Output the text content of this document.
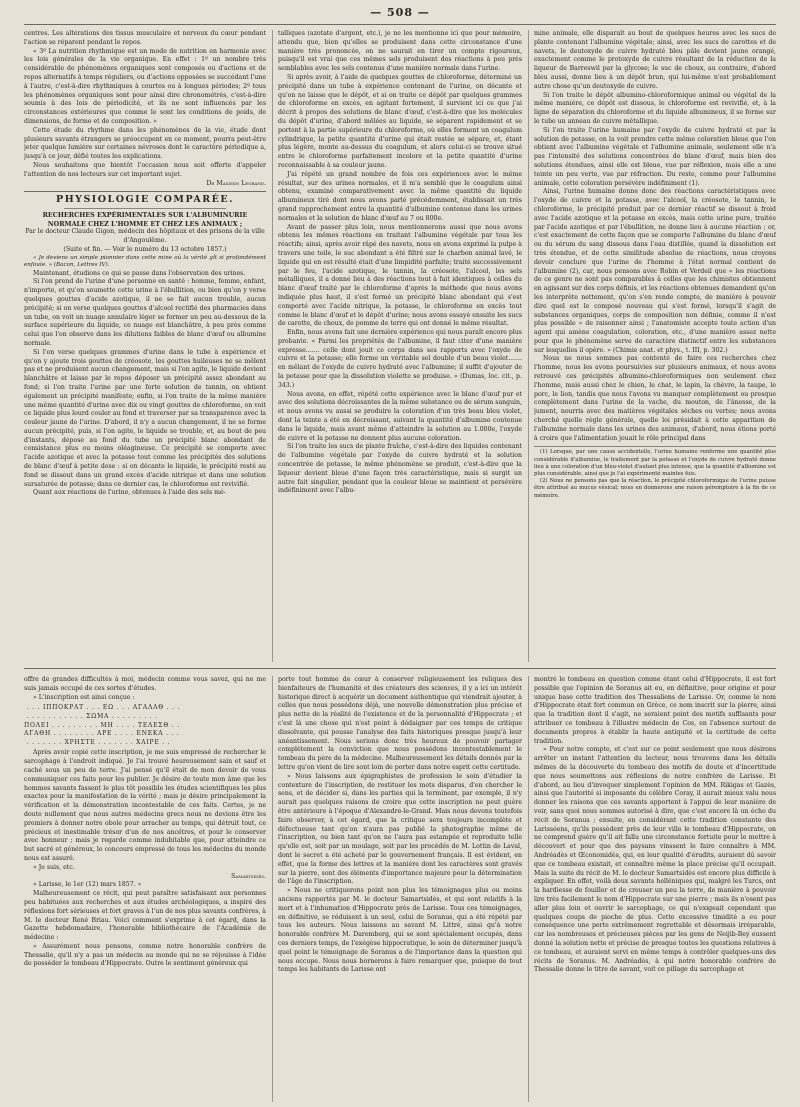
— 508 —

centres. Les altérations des tissus musculaire et nerveux du cœur pendant l'action se réparent pendant le repos.

« 3º La nutrition rhythmique est un mode de nutrition en harmonie avec les lois générales de la vie organique. En effet : 1º un nombre très considérable de phénomènes organiques sont composés ou d'actions et de repos alternatifs à temps réguliers, ou d'actions opposées se succédant l'une à l'autre, c'est-à-dire rhythmiques à courtes ou à longues périodes; 2º tous les phénomènes organiques sont pour ainsi dire chronométrés, c'est-à-dire soumis à des lois de périodicité, et ils ne sont influencés par les circonstances extérieures que comme le sont les conditions de poids, de dimensions, de forme et de composition. »

Cette étude du rhythme dans les phénomènes de la vie, étude dont plusieurs savants étrangers se préoccupent en ce moment, pourra peut-être jeter quelque lumière sur certaines névroses dont le caractère périodique a, jusqu'à ce jour, défié toutes les explications.

Nous souhaitons que bientôt l'occasion nous soit offerte d'appeler l'attention de nos lecteurs sur cet important sujet.

Dr Maximin Legrand.

PHYSIOLOGIE COMPARÉE.
RECHERCHES EXPÉRIMENTALES SUR L'ALBUMINURIE NORMALE CHEZ L'HOMME ET CHEZ LES ANIMAUX ;

Par le docteur Claude Gigon, médecin des hôpitaux et des prisons de la ville d'Angoulême.

(Suite et fin. — Voir le numéro du 13 octobre 1857.)

« Je deviens un simple pionnier dans cette mine où la vérité gît si profondément enfouie. » (Bacon, Lettres IV).

Maintenant, étudions ce qui se passe dans l'observation des urines.

Si l'on prend de l'urine d'une personne en santé : homme, femme, enfant, n'importe, et qu'on soumette cette urine à l'ébullition, ou bien qu'on y verse quelques gouttes d'acide azotique, il ne se fait aucun trouble, aucun précipité; si on verse quelques gouttes d'alcool rectifié des pharmacies dans un tube, on voit un nuage annulaire léger se former un peu au-dessous de la surface supérieure du liquide, ce nuage est blanchâtre, à peu près comme celui que l'on observe dans les dilutions faibles de blanc d'œuf ou albumine normale.

Si l'on verse quelques grammes d'urine dans le tube à expérience et qu'on y ajoute trois gouttes de créosote, les gouttes huileuses ne se mêlent pas et ne produisent aucun changement, mais si l'on agite, le liquide devient blanchâtre et laisse par le repos déposer un précipité assez abondant au fond; si l'on traite l'urine par une forte solution de tannin, on obtient également un précipité manifeste; enfin, si l'on traite de la même manière une même quantité d'urine avec dix ou vingt gouttes de chloroforme, on voit ce liquide plus lourd couler au fond et traverser par sa transparence avec la couleur jaune de l'urine. D'abord, il n'y a aucun changement, il ne se forme aucun précipité, puis, si l'on agite, le liquide se trouble, et, au bout de peu d'instants, dépose au fond du tube un précipité blanc abondant de consistance plus ou moins oléagineuse. Ce précipité se comporte avec l'acide azotique et avec la potasse tout comme les précipités des solutions de blanc d'œuf à petite dose : si on décante le liquide, le précipité resté au fond se dissout dans un grand excès d'acide nitrique et dans une solution sursaturée de potasse; dans ce dernier cas, le chloroforme est revivifié.

Quant aux réactions de l'urine, obtenues à l'aide des sels mé-

talliques (azotate d'argent, etc.), je ne les mentionne ici que pour mémoire, attendu que, bien qu'elles se produisent dans cette circonstance d'une manière très prononcée, on ne saurait en tirer un compte rigoureux, puisqu'il est vrai que ces mêmes sels produisent des réactions à peu près semblables avec les sels contenus d'une manière normale dans l'urine.

Si après avoir, à l'aide de quelques gouttes de chloroforme, déterminé un précipité dans un tube à expérience contenant de l'urine, on décante et qu'on ne laisse que le dépôt, et si on traite ce dépôt par quelques grammes de chloroforme en excès, en agitant fortement, il survient ici ce que j'ai décrit à propos des solutions de blanc d'œuf, c'est-à-dire que les molécules du dépôt d'urine, d'abord mêlées au liquide, se séparent rapidement et se portent à la partie supérieure du chloroforme, où elles forment un coagulum cylindrique, la petite quantité d'urine qui était restée se sépare, et, étant plus légère, monte au-dessus du coagulum, et alors celui-ci se trouve situé entre le chloroforme parfaitement incolore et la petite quantité d'urine reconnaissable à sa couleur jaune.

J'ai répété un grand nombre de fois ces expériences avec le même résultat, sur des urines normales, et il m'a semblé que le coagulum ainsi obtenu, examiné comparativement avec la même quantité du liquide albumineux tiré dont nous avons parlé précédemment, établissait un très grand rapprochement entre la quantité d'albumine contenue dans les urines normales et la solution de blanc d'œuf au 7 ou 800e.

Avant de passer plus loin, nous mentionnerons aussi que nous avons obtenu les mêmes réactions en traitant l'albumine végétale par tous les réactifs; ainsi, après avoir râpé des navets, nous en avons exprimé la pulpe à travers une toile, le suc abondant a été filtré sur le charbon animal lavé, le liquide qui en est résulté était d'une limpidité parfaite; traité successivement par le feu, l'acide azotique, le tannin, la créosote, l'alcool, les sels métalliques, il a donné lieu à des réactions tout à fait identiques à celles du blanc d'œuf traité par le chloroforme d'après la méthode que nous avons indiquée plus haut, il s'est formé un précipité blanc abondant qui s'est comporté avec l'acide nitrique, la potasse, le chloroforme en excès tout comme le blanc d'œuf et le dépôt d'urine; nous avons essayé ensuite les sucs de carotte, de choux, de pomme de terre qui ont donné le même résultat.

Enfin, nous avons fait une dernière expérience qui nous paraît encore plus probante. « Parmi les propriétés de l'albumine, il faut citer d'une manière expresse....... celle dont jouit ce corps dans ses rapports avec l'oxyde de cuivre et la potasse; elle forme un véritable sel double d'un beau violet....... en mêlant de l'oxyde de cuivre hydraté avec l'albumine; il suffit d'ajouter de la potasse pour que la dissolution violette se produise. » (Dumas, loc. cit., p. 343.)

Nous avons, en effet, répété cette expérience avec le blanc d'œuf pur et avec des solutions décroissantes de la même substance ou de sérum sanguin, et nous avons vu aussi se produire la coloration d'un très beau bleu violet, dont la teinte a été en décroissant, suivant la quantité d'albumine contenue dans le liquide, mais avant même d'atteindre la solution au 1.000e, l'oxyde de cuivre et la potasse ne donnent plus aucune coloration.

Si l'on traite les sucs de plante fraîche, c'est-à-dire des liquides contenant de l'albumine végétale par l'oxyde de cuivre hydraté et la solution concentrée de potasse, le même phénomène se produit, c'est-à-dire que la liqueur devient bleue d'une façon très caractéristique, mais si surgit un autre fait singulier, pendant que la couleur bleue se maintient et persévère indéfiniment avec l'albu-

mine animale, elle disparaît au bout de quelques heures avec les sucs de plante contenant l'albumine végétale; ainsi, avec les sucs de carottes et de navets, le deutoxyde de cuivre hydraté bleu pâle devient jaune orangé, exactement comme le protoxyde de cuivre résultant de la réduction de la liqueur de Barreswil par la glycose; le suc de choux, au contraire, d'abord bleu aussi, donne lieu à un dépôt brun, qui lui-même n'est probablement autre chose qu'un deutoxyde de cuivre.

Si l'on traite le dépôt albumino-chloroformique animal ou végétal de la même manière, ce dépôt est dissous, le chloroforme est revivifié, et, à la ligne de séparation du chloroforme et du liquide albumineux, il se forme sur le tube un anneau de cuivre métallique.

Si l'on traite l'urine humaine par l'oxyde de cuivre hydraté et par la solution de potasse, on la voit prendre cette même coloration bleue que l'on obtient avec l'albumine végétale et l'albumine animale, seulement elle n'a pas l'intensité des solutions concentrées de blanc d'œuf, mais bien des solutions étendues, ainsi elle est bleue, vue par réflexion, mais elle a une teinte un peu verte, vue par réfraction. Du reste, comme pour l'albumine animale, cette coloration persévère indéfiniment (1).

Ainsi, l'urine humaine donne donc des réactions caractéristiques avec l'oxyde de cuivre et la potasse, avec l'alcool, la créosote, le tannin, le chloroforme, le précipité produit par ce dernier réactif se dissout à froid avec l'acide azotique et la potasse en excès, mais cette urine pure, traitée par l'acide azotique et par l'ébullition, ne donne lieu à aucune réaction ; or, c'est exactement de cette façon que se comporte l'albumine du blanc d'œuf ou du sérum du sang dissous dans l'eau distillée, quand la dissolution est très étendue, et de cette similitude absolue de réactions, nous croyons devoir conclure que l'urine de l'homme à l'état normal contient de l'albumine (2), car, nous pensons avec Robin et Verdeil que « les réactions de ce genre ne sont pas comparables à celles que les chimistes obtiennent en agissant sur des corps définis, et les réactions obtenues demandent qu'on les interprète nettement, qu'on s'en rende compte, de manière à pouvoir dire quel est le composé nouveau qui s'est formé, lorsqu'il s'agit de substances organiques, corps de composition non définie, comme il n'est plus possible » de raisonner ainsi ; l'anatomiste accepte toute action d'un agent qui amène coagulation, coloration, etc., d'une manière assez nette pour que le phénomène serve de caractère distinctif entre les substances sur lesquelles il opère. » (Chimie anat. et phys., t. III, p. 302.)

Nous ne nous sommes pas contenté de faire ces recherches chez l'homme, nous les avons poursuivies sur plusieurs animaux, et nous avons retrouvé ces précipités albumino-chloroformiques non seulement chez l'homme, mais aussi chez le chien, le chat, le lapin, la chèvre, la taupe, le porc, le lion, tandis que nous l'avons vu manquer complètement ou presque complètement dans l'urine de la vache, du mouton, de l'ânesse, de la jument, nourris avec des matières végétales sèches ou vertes; nous avons cherché quelle règle générale, quelle loi présidait à cette apparition de l'albumine normale dans les urines des animaux, d'abord, nous étions porté à croire que l'alimentation jouait le rôle principal dans

(1) Lorsque, par une cause accidentelle, l'urine humaine renferme une quantité plus considérable d'albumine, le traitement par la potasse et l'oxyde de cuivre hydraté donne lieu à une coloration d'un bleu-violet d'autant plus intense, que la quantité d'albumine est plus considérable, ainsi que je l'ai expérimenté maintes fois.

(2) Nous ne pensons pas que la réaction, le précipité chloroformique de l'urine puisse être attribué au mucus vésical; nous en donnerons une raison péremptoire à la fin de ce mémoire.

offre de grandes difficultés à moi, médecin comme vous savez, qui ne me suis jamais occupé de ces sortes d'études.

» L'inscription est ainsi conçue :

. . . ΙΠΠΟΚΡΑΤ . . . ΕΩ . . . ΑΓΑΛΑΘ . . .
. . . . . . . . . . . ΣΩΜΑ . . . . . . . . .
ΠΟΛΕΙ . . . . . . . . . ΜΗ . . . . ΤΕΛΕΣΘ . .
ΑΓΑΘΗ . . . . . . . . ΑΡΕ . . . . ΕΝΕΚΑ . . .
. . . . . . . ΧΡΗΣΤΕ . . . . . . . ΧΑΙΡΕ . .

Après avoir copié cette inscription, je me suis empressé de rechercher le sarcophage à l'endroit indiqué. Je l'ai trouvé heureusement sain et sauf et caché sous un peu de terre. J'ai pensé qu'il était de mon devoir de vous communiquer ces faits pour les publier. Je désire de toute mon âme que les hommes savants fassent le plus tôt possible les études scientifiques les plus exactes pour la manifestation de la vérité ; mais je désire principalement la vérification et la démonstration incontestable de ces faits. Certes, je ne doute nullement que nous autres médecins grecs nous ne devions être les premiers à donner notre obole pour arracher au temps, qui détruit tout, ce précieux et inestimable trésor d'un de nos ancêtres, et pour le conserver avec honneur ; mais je regarde comme indubitable que, pour atteindre ce but sacré et généreux, le concours empressé de tous les médecins du monde nous est assuré.

» Je suis, etc.

Samartsidès.

» Larisse, le 1er (12) mars 1857. »

Malheureusement ce récit, qui peut paraître satisfaisant aux personnes peu habituées aux recherches et aux études archéologiques, a inspiré des réflexions fort sérieuses et fort graves à l'un de nos plus savants confrères, à M. le docteur René Briau. Voici comment s'exprime à cet égard, dans la Gazette hebdomadaire, l'honorable bibliothécaire de l'Académie de médecine :

« Assurément nous pensons, comme notre honorable confrère de Thessalie, qu'il n'y a pas un médecin au monde qui ne se réjouisse à l'idée de posséder le tombeau d'Hippocrate. Outre le sentiment généreux qui

porte tout homme de cœur à conserver religieusement les reliques des bienfaiteurs de l'humanité et des créateurs des sciences, il y a ici un intérêt historique direct à acquérir un document authentique qui viendrait ajouter, à celles que nous possédons déjà, une nouvelle démonstration plus précise et plus nette de la réalité de l'existence et de la personnalité d'Hippocrate ; et c'est là une chose qui n'est point à dédaigner par ces temps de critique dissolvante, qui pousse l'analyse des faits historiques presque jusqu'à leur anéantissement. Nous serions donc très heureux de pouvoir partager complètement la conviction que nous possédons incontestablement le tombeau du père de la médecine. Malheureusement les détails donnés par la lettre qu'on vient de lire sont loin de porter dans notre esprit cette certitude.

» Nous laissons aux épigraphistes de profession le soin d'étudier la contexture de l'inscription, de restituer les mots disparus, d'en chercher le sens, et de décider si, dans les parties qui la terminent, par exemple, il n'y aurait pas quelques raisons de croire que cette inscription ne peut guère être antérieure à l'époque d'Alexandre-le-Grand. Mais nous devons toutefois faire observer, à cet égard, que la critique sera toujours incomplète et défectueuse tant qu'on n'aura pas publié la photographie même de l'inscription, ou bien tant qu'on ne l'aura pas estampée et reproduite telle qu'elle est, soit par un moulage, soit par les procédés de M. Lottin de Laval, dont le secret a été acheté par le gouvernement français. Il est évident, en effet, que la forme des lettres et la manière dont les caractères sont gravés sur la pierre, sont des éléments d'importance majeure pour la détermination de l'âge de l'inscription.

» Nous ne critiquerons point non plus les témoignages plus ou moins anciens rapportés par M. le docteur Samartsidès, et qui sont relatifs à la mort et à l'inhumation d'Hippocrate près de Larisse. Tous ces témoignages, en définitive, se réduisent à un seul, celui de Soranus, qui a été répété par tous les auteurs. Nous laissons au savant M. Littré, ainsi qu'à notre honorable confrère M. Daremberg, qui se sont spécialement occupés, dans ces derniers temps, de l'exégèse hippocratique, le soin de déterminer jusqu'à quel point le témoignage de Soranus a de l'importance dans la question qui nous occupe. Nous nous bornerons à faire remarquer que, puisque de tout temps les habitants de Larisse ont

montré le tombeau en question comme étant celui d'Hippocrate, il est fort possible que l'opinion de Soranus ait eu, en définitive, pour origine et pour unique base cette tradition des Thessaliens de Larisse. Or, comme le nom d'Hippocrate était fort commun en Grèce, ce nom inscrit sur la pierre, ainsi que la tradition dont il s'agit, ne seraient point des motifs suffisants pour attribuer ce tombeau à l'illustre médecin de Cos, en l'absence surtout de documents propres à établir la haute antiquité et la certitude de cette tradition.

» Pour notre compte, et c'est sur ce point seulement que nous désirons arrêter un instant l'attention du lecteur, nous trouvons dans les détails mêmes de la découverte du tombeau des motifs de doute et d'incertitude que nous soumettons aux réflexions de notre confrère de Larisse. Et d'abord, au lieu d'invoquer simplement l'opinion de MM. Rikigas et Gazès, ainsi que l'autorité si imposante du célèbre Coray, il aurait mieux valu nous donner les raisons que ces savants apportent à l'appui de leur manière de voir, sans quoi nous sommes autorisé à dire, que c'est encore là un écho du récit de Soranus ; ensuite, en considérant cette tradition constante des Larisséens, qu'ils possèdent près de leur ville le tombeau d'Hippocrate, on ne comprend guère qu'il ait fallu une circonstance fortuite pour le mettre à découvert et pour que des paysans vinssent le faire connaître à MM. Andréadès et Œconomidès, qui, en leur qualité d'érudits, auraient dû savoir que ce tombeau existait, et connaître même la place précise qu'il occupait. Mais la suite du récit de M. le docteur Samartsidès est encore plus difficile à expliquer. En effet, voilà deux savants helléniques qui, malgré les Turcs, ont la hardiesse de fouiller et de creuser un peu la terre, de manière à pouvoir lire très facilement le nom d'Hippocrate sur une pierre ; mais ils n'osent pas aller plus loin et ouvrir le sarcophage, ce qui n'exigeait cependant que quelques coups de pioche de plus. Cette excessive timidité a eu pour conséquence une perte extrêmement regrettable et désormais irréparable, car les nombreuses et précieuses pièces par les gens de Neijib-Bey eussent donné la solution nette et précise de presque toutes les questions relatives à ce tombeau, et auraient servi en même temps à contrôler quelques-uns des récits de Soranus. M. Andréadès, à qui notre honorable confrère de Thessalie donne le titre de savant, voit ce pillage du sarcophage et
